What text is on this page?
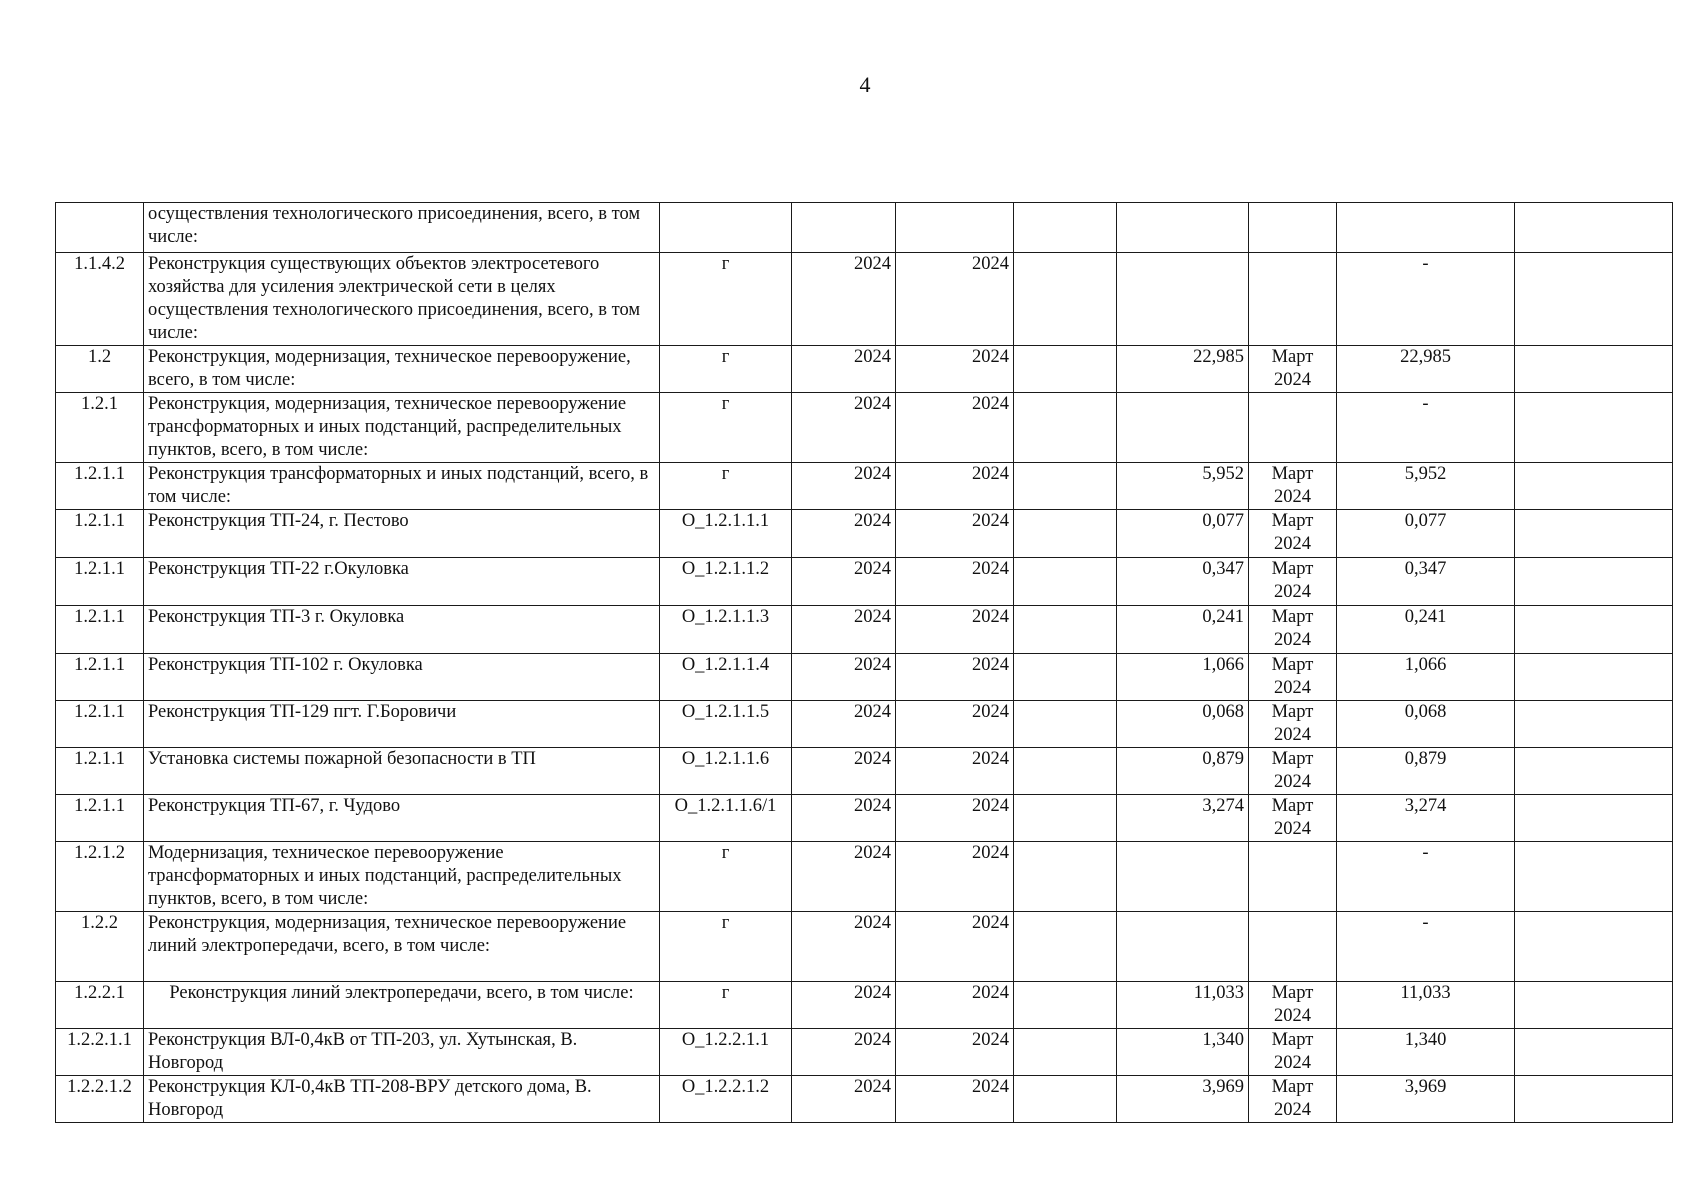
4
	осуществления технологического присоединения, всего, в том числе:								
1.1.4.2	Реконструкция существующих объектов электросетевого хозяйства для усиления электрической сети в целях осуществления технологического присоединения, всего, в том числе:	г	2024	2024				-	
1.2	Реконструкция, модернизация, техническое перевооружение, всего, в том числе:	г	2024	2024		22,985	Март 2024	22,985	
1.2.1	Реконструкция, модернизация, техническое перевооружение трансформаторных и иных подстанций, распределительных пунктов, всего, в том числе:	г	2024	2024				-	
1.2.1.1	Реконструкция трансформаторных и иных подстанций, всего, в том числе:	г	2024	2024		5,952	Март 2024	5,952	
1.2.1.1	Реконструкция ТП-24, г. Пестово	О_1.2.1.1.1	2024	2024		0,077	Март 2024	0,077	
1.2.1.1	Реконструкция ТП-22 г.Окуловка	О_1.2.1.1.2	2024	2024		0,347	Март 2024	0,347	
1.2.1.1	Реконструкция ТП-3 г. Окуловка	О_1.2.1.1.3	2024	2024		0,241	Март 2024	0,241	
1.2.1.1	Реконструкция ТП-102 г. Окуловка	О_1.2.1.1.4	2024	2024		1,066	Март 2024	1,066	
1.2.1.1	Реконструкция ТП-129 пгт. Г.Боровичи	О_1.2.1.1.5	2024	2024		0,068	Март 2024	0,068	
1.2.1.1	Установка системы пожарной безопасности в ТП	О_1.2.1.1.6	2024	2024		0,879	Март 2024	0,879	
1.2.1.1	Реконструкция ТП-67, г. Чудово	О_1.2.1.1.6/1	2024	2024		3,274	Март 2024	3,274	
1.2.1.2	Модернизация, техническое перевооружение трансформаторных и иных подстанций, распределительных пунктов, всего, в том числе:	г	2024	2024				-	
1.2.2	Реконструкция, модернизация, техническое перевооружение линий электропередачи, всего, в том числе:	г	2024	2024				-	
1.2.2.1	Реконструкция линий электропередачи, всего, в том числе:	г	2024	2024		11,033	Март 2024	11,033	
1.2.2.1.1	Реконструкция ВЛ-0,4кВ от ТП-203, ул. Хутынская, В. Новгород	О_1.2.2.1.1	2024	2024		1,340	Март 2024	1,340	
1.2.2.1.2	Реконструкция КЛ-0,4кВ ТП-208-ВРУ детского дома, В. Новгород	О_1.2.2.1.2	2024	2024		3,969	Март 2024	3,969	
